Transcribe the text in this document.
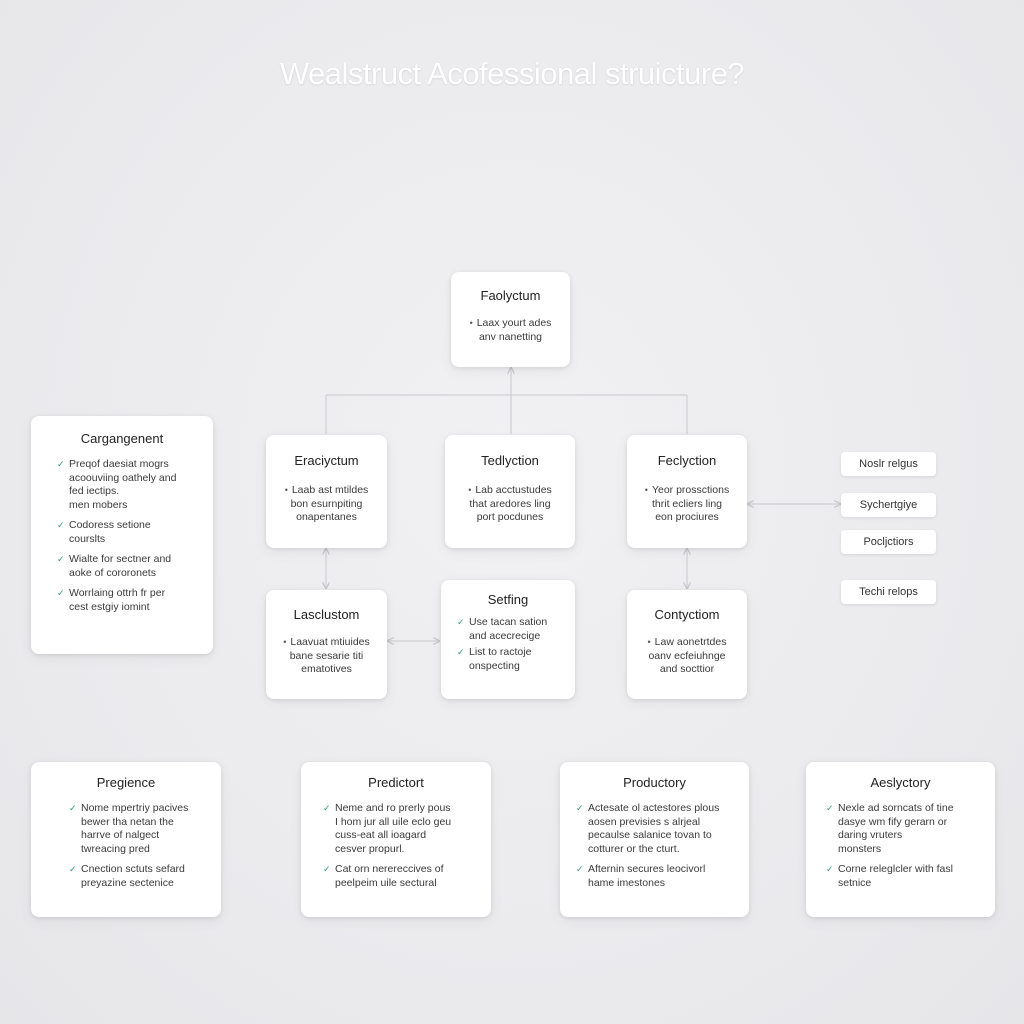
Wealstruct Acofessional struicture?
Faolyctum
• Laax yourt ades
anv nanetting
Cargangenent
✓ Preqof daesiat mogrs
acoouviing oathely and
fed iectips.
men mobers
✓ Codoress setione
courslts
✓ Wialte for sectner and
aoke of cororonets
✓ Worrlaing ottrh fr per
cest estgiy iomint
Eraciyctum
• Laab ast mtildes
bon esurnpiting
onapentanes
Tedlyction
• Lab acctustudes
that aredores ling
port pocdunes
Feclyction
• Yeor prossctions
thrit ecliers ling
eon prociures
Lasclustom
• Laavuat mtiuides
bane sesarie titi
ematotives
Setfing
✓ Use tacan sation
and acecrecige
✓ List to ractoje
onspecting
Contyctiom
• Law aonetrtdes
oanv ecfeiuhnge
and socttior
Noslr relgus
Sychertgiye
Pocljctiors
Techi relops
Pregience
✓ Nome mpertriy pacives
bewer tha netan the
harrve of nalgect
twreacing pred
✓ Cnection sctuts sefard
preyazine sectenice
Predictort
✓ Neme and ro prerly pous
I hom jur all uile eclo geu
cuss-eat all ioagard
cesver propurl.
✓ Cat orn nerereccives of
peelpeim uile sectural
Productory
✓ Actesate ol actestores plous
aosen previsies s alrjeal
pecaulse salanice tovan to
cotturer or the cturt.
✓ Afternin secures leocivorl
hame imestones
Aeslyctory
✓ Nexle ad sorncats of tine
dasye wm fify gerarn or
daring vruters
monsters
✓ Corne releglcler with fasl
setnice
